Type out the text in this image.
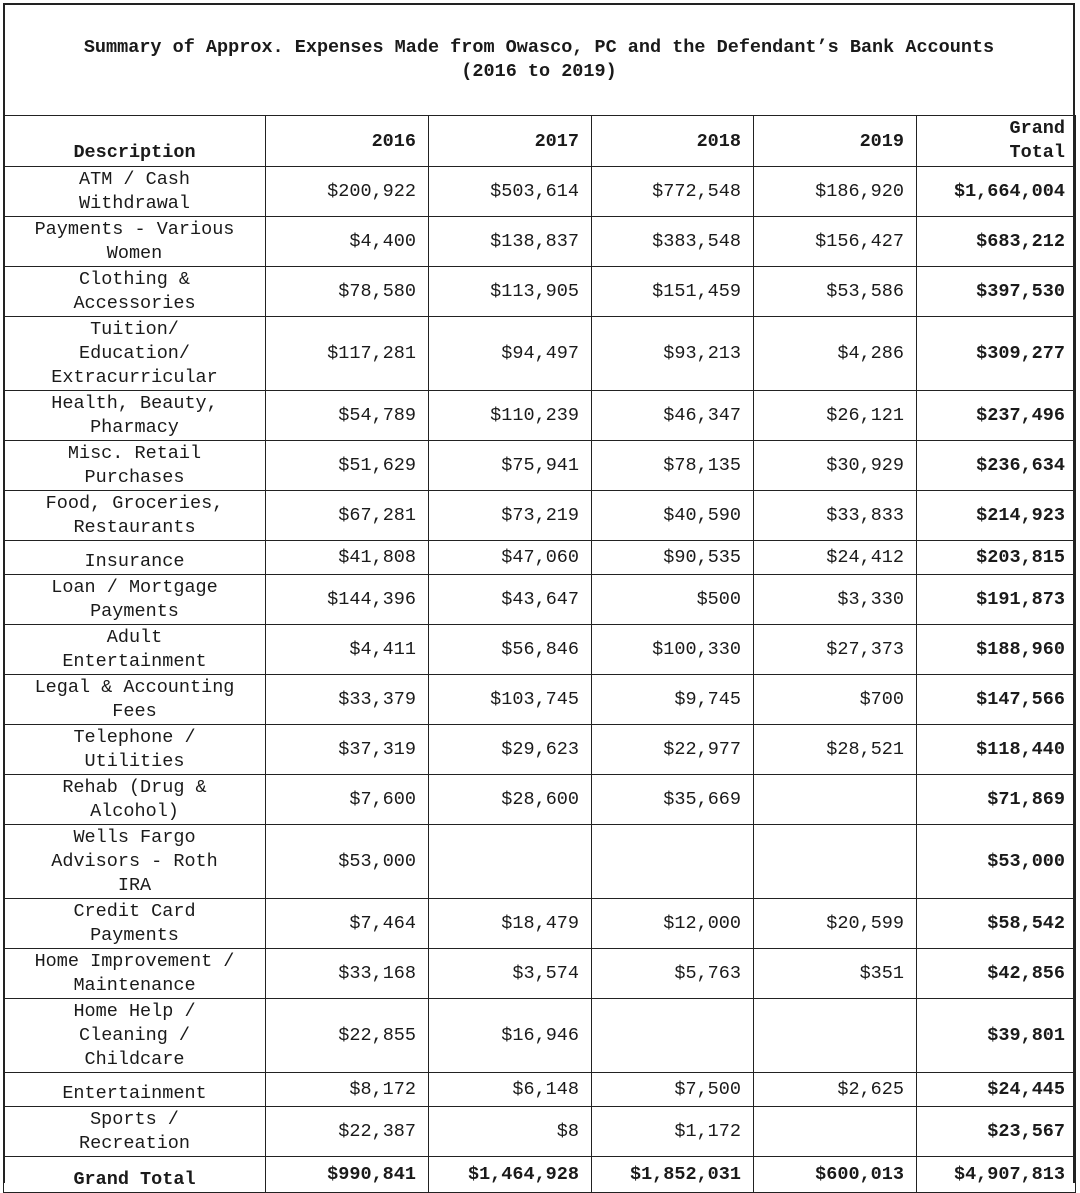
Summary of Approx. Expenses Made from Owasco, PC and the Defendant’s Bank Accounts
(2016 to 2019)
Description	2016	2017	2018	2019	Grand
Total

ATM / Cash
Withdrawal	$200,922	$503,614	$772,548	$186,920	$1,664,004

Payments - Various
Women	$4,400	$138,837	$383,548	$156,427	$683,212

Clothing &
Accessories	$78,580	$113,905	$151,459	$53,586	$397,530

Tuition/
Education/
Extracurricular	$117,281	$94,497	$93,213	$4,286	$309,277

Health, Beauty,
Pharmacy	$54,789	$110,239	$46,347	$26,121	$237,496

Misc. Retail
Purchases	$51,629	$75,941	$78,135	$30,929	$236,634

Food, Groceries,
Restaurants	$67,281	$73,219	$40,590	$33,833	$214,923

Insurance	$41,808	$47,060	$90,535	$24,412	$203,815

Loan / Mortgage
Payments	$144,396	$43,647	$500	$3,330	$191,873

Adult
Entertainment	$4,411	$56,846	$100,330	$27,373	$188,960

Legal & Accounting
Fees	$33,379	$103,745	$9,745	$700	$147,566

Telephone /
Utilities	$37,319	$29,623	$22,977	$28,521	$118,440

Rehab (Drug &
Alcohol)	$7,600	$28,600	$35,669		$71,869

Wells Fargo
Advisors - Roth
IRA	$53,000				$53,000

Credit Card
Payments	$7,464	$18,479	$12,000	$20,599	$58,542

Home Improvement /
Maintenance	$33,168	$3,574	$5,763	$351	$42,856

Home Help /
Cleaning /
Childcare	$22,855	$16,946			$39,801

Entertainment	$8,172	$6,148	$7,500	$2,625	$24,445

Sports /
Recreation	$22,387	$8	$1,172		$23,567
Grand Total	$990,841	$1,464,928	$1,852,031	$600,013	$4,907,813
